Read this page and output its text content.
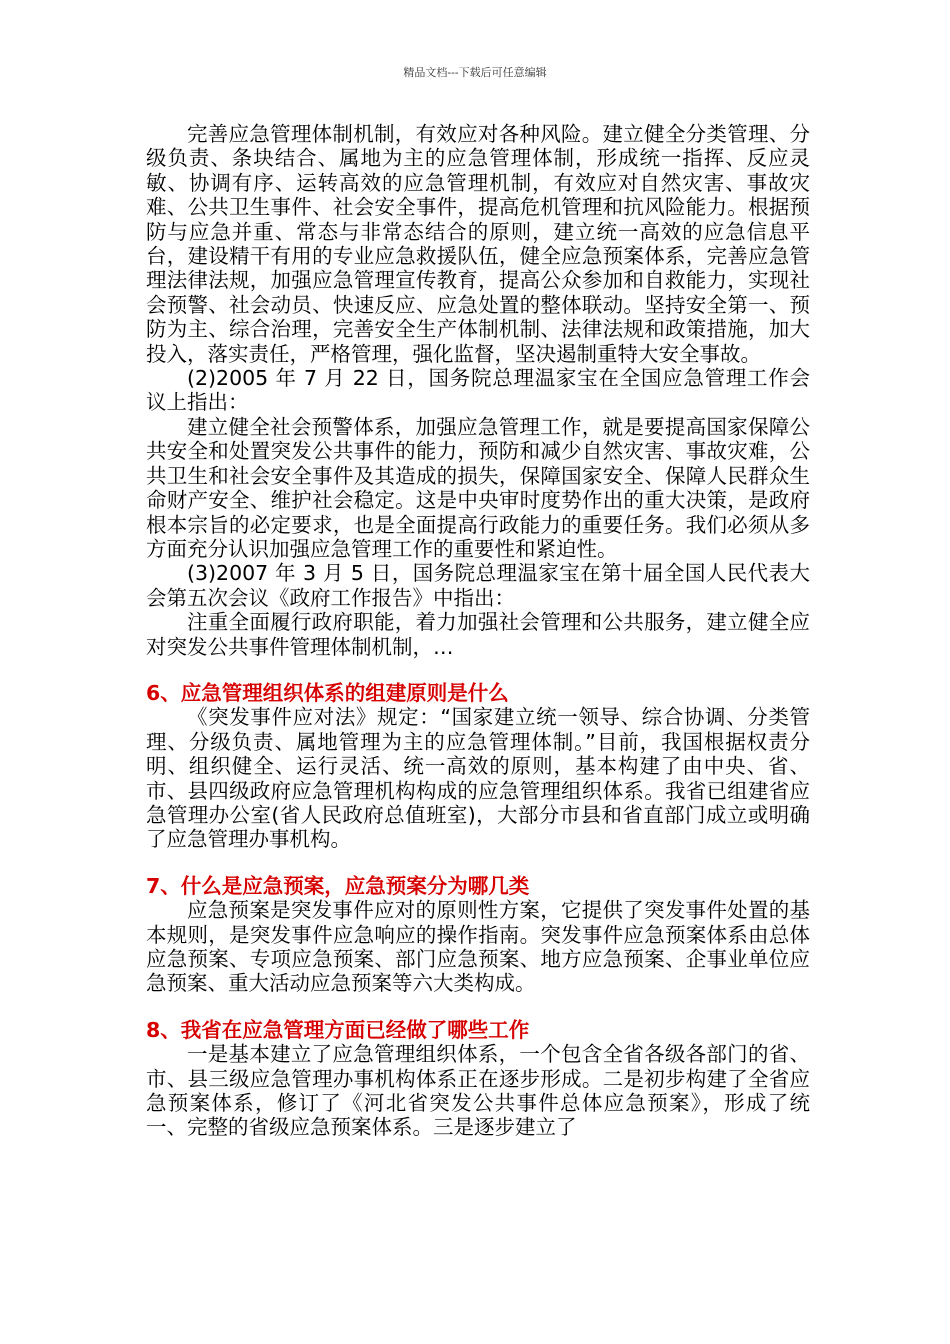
精品文档---下载后可任意编辑

完善应急管理体制机制，有效应对各种风险。建立健全分类管理、分级负责、条块结合、属地为主的应急管理体制，形成统一指挥、反应灵敏、协调有序、运转高效的应急管理机制，有效应对自然灾害、事故灾难、公共卫生事件、社会安全事件，提高危机管理和抗风险能力。根据预防与应急并重、常态与非常态结合的原则，建立统一高效的应急信息平台，建设精干有用的专业应急救援队伍，健全应急预案体系，完善应急管理法律法规，加强应急管理宣传教育，提高公众参加和自救能力，实现社会预警、社会动员、快速反应、应急处置的整体联动。坚持安全第一、预防为主、综合治理，完善安全生产体制机制、法律法规和政策措施，加大投入，落实责任，严格管理，强化监督，坚决遏制重特大安全事故。

(2)2005 年 7 月 22 日，国务院总理温家宝在全国应急管理工作会议上指出：

建立健全社会预警体系，加强应急管理工作，就是要提高国家保障公共安全和处置突发公共事件的能力，预防和减少自然灾害、事故灾难，公共卫生和社会安全事件及其造成的损失，保障国家安全、保障人民群众生命财产安全、维护社会稳定。这是中央审时度势作出的重大决策，是政府根本宗旨的必定要求，也是全面提高行政能力的重要任务。我们必须从多方面充分认识加强应急管理工作的重要性和紧迫性。

(3)2007 年 3 月 5 日，国务院总理温家宝在第十届全国人民代表大会第五次会议《政府工作报告》中指出：

注重全面履行政府职能，着力加强社会管理和公共服务，建立健全应对突发公共事件管理体制机制，…

6、应急管理组织体系的组建原则是什么

《突发事件应对法》规定：“国家建立统一领导、综合协调、分类管理、分级负责、属地管理为主的应急管理体制。”目前，我国根据权责分明、组织健全、运行灵活、统一高效的原则，基本构建了由中央、省、市、县四级政府应急管理机构构成的应急管理组织体系。我省已组建省应急管理办公室(省人民政府总值班室)，大部分市县和省直部门成立或明确了应急管理办事机构。

7、什么是应急预案，应急预案分为哪几类

应急预案是突发事件应对的原则性方案，它提供了突发事件处置的基本规则，是突发事件应急响应的操作指南。突发事件应急预案体系由总体应急预案、专项应急预案、部门应急预案、地方应急预案、企事业单位应急预案、重大活动应急预案等六大类构成。

8、我省在应急管理方面已经做了哪些工作

一是基本建立了应急管理组织体系，一个包含全省各级各部门的省、市、县三级应急管理办事机构体系正在逐步形成。二是初步构建了全省应急预案体系，修订了《河北省突发公共事件总体应急预案》，形成了统一、完整的省级应急预案体系。三是逐步建立了
